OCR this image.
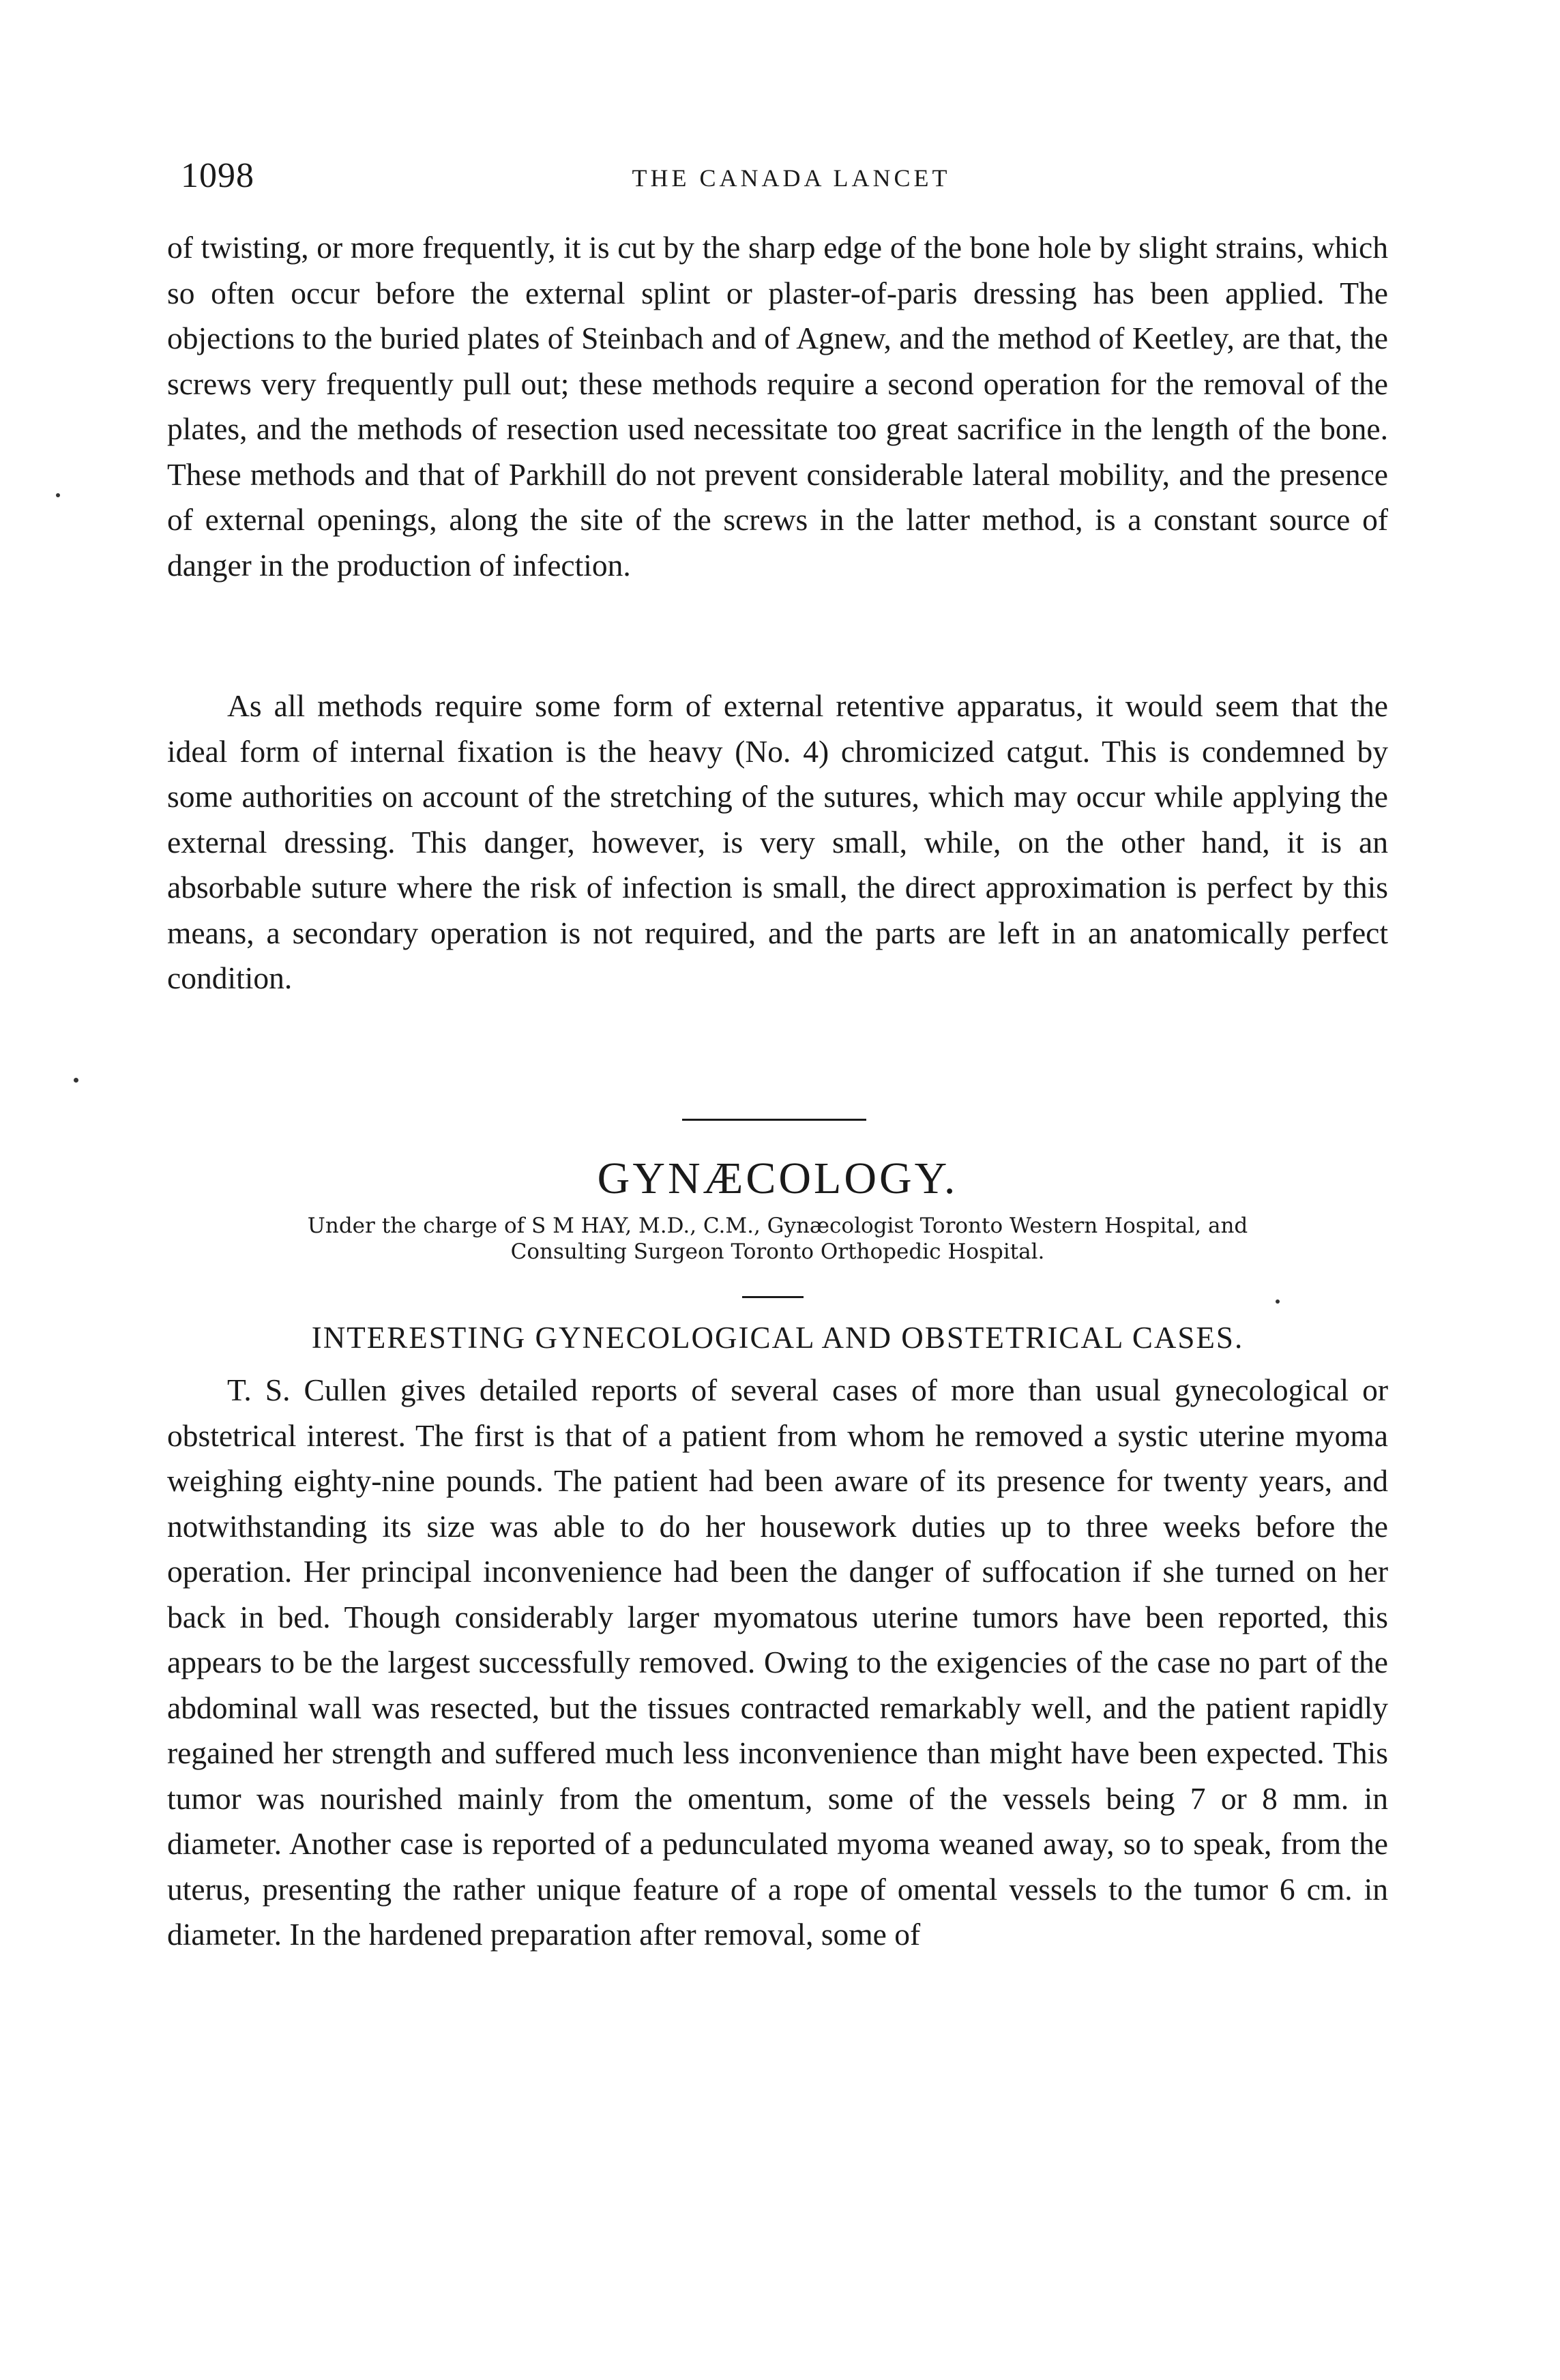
1098	THE CANADA LANCET

of twisting, or more frequently, it is cut by the sharp edge of the bone hole by slight strains, which so often occur before the external splint or plaster-of-paris dressing has been applied. The objections to the buried plates of Steinbach and of Agnew, and the method of Keetley, are that, the screws very frequently pull out; these methods require a second operation for the removal of the plates, and the methods of resection used necessitate too great sacrifice in the length of the bone. These methods and that of Parkhill do not prevent considerable lateral mobility, and the presence of external openings, along the site of the screws in the latter method, is a constant source of danger in the production of infection.

As all methods require some form of external retentive apparatus, it would seem that the ideal form of internal fixation is the heavy (No. 4) chromicized catgut. This is condemned by some authorities on account of the stretching of the sutures, which may occur while applying the external dressing. This danger, however, is very small, while, on the other hand, it is an absorbable suture where the risk of infection is small, the direct approximation is perfect by this means, a secondary operation is not required, and the parts are left in an anatomically perfect condition.

GYNÆCOLOGY.
Under the charge of S M HAY, M.D., C.M., Gynæcologist Toronto Western Hospital, and
Consulting Surgeon Toronto Orthopedic Hospital.
INTERESTING GYNECOLOGICAL AND OBSTETRICAL CASES.

T. S. Cullen gives detailed reports of several cases of more than usual gynecological or obstetrical interest. The first is that of a patient from whom he removed a systic uterine myoma weighing eighty-nine pounds. The patient had been aware of its presence for twenty years, and notwithstanding its size was able to do her housework duties up to three weeks before the operation. Her principal inconvenience had been the danger of suffocation if she turned on her back in bed. Though considerably larger myomatous uterine tumors have been reported, this appears to be the largest successfully removed. Owing to the exigencies of the case no part of the abdominal wall was resected, but the tissues contracted remarkably well, and the patient rapidly regained her strength and suffered much less inconvenience than might have been expected. This tumor was nourished mainly from the omentum, some of the vessels being 7 or 8 mm. in diameter. Another case is reported of a pedunculated myoma weaned away, so to speak, from the uterus, presenting the rather unique feature of a rope of omental vessels to the tumor 6 cm. in diameter. In the hardened preparation after removal, some of
